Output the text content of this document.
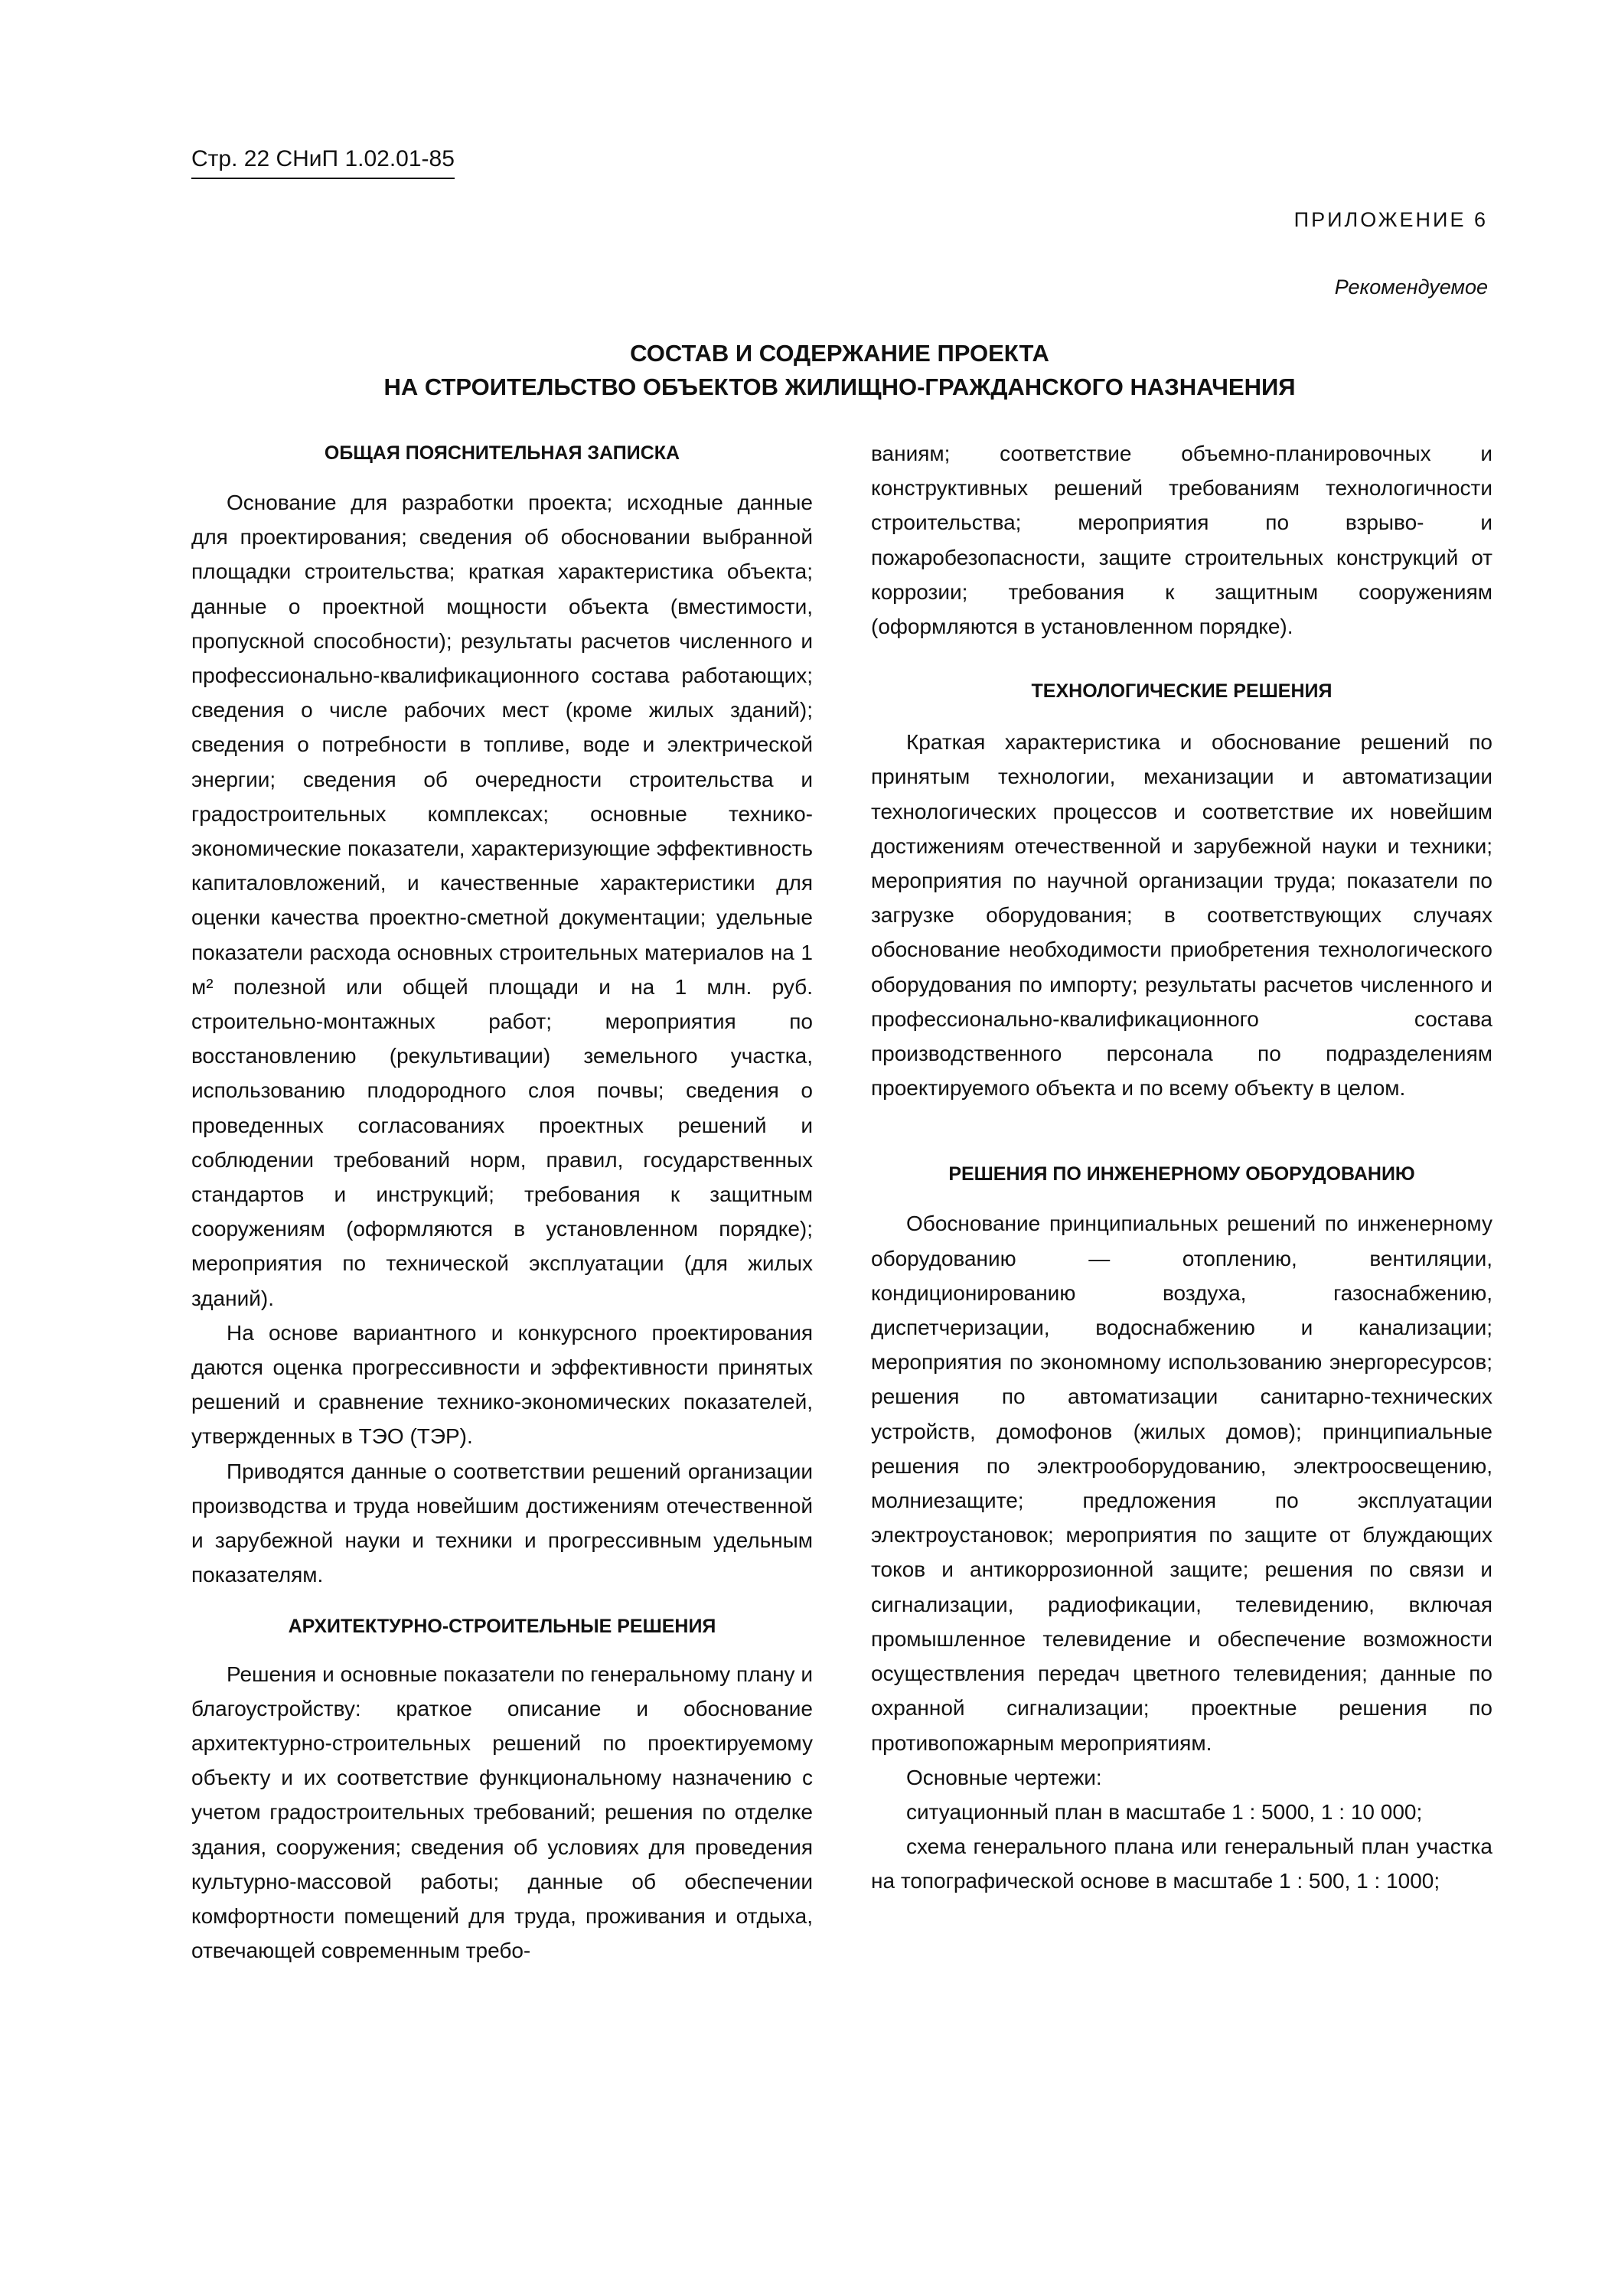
Стр. 22 СНиП 1.02.01-85
ПРИЛОЖЕНИЕ 6
Рекомендуемое
СОСТАВ И СОДЕРЖАНИЕ ПРОЕКТА
НА СТРОИТЕЛЬСТВО ОБЪЕКТОВ ЖИЛИЩНО-ГРАЖДАНСКОГО НАЗНАЧЕНИЯ
ОБЩАЯ ПОЯСНИТЕЛЬНАЯ ЗАПИСКА

Основание для разработки проекта; исходные данные для проектирования; сведения об обосновании выбранной площадки строительства; краткая характеристика объекта; данные о проектной мощности объекта (вместимости, пропускной способности); результаты расчетов численного и профессионально-квалификационного состава работающих; сведения о числе рабочих мест (кроме жилых зданий); сведения о потребности в топливе, воде и электрической энергии; сведения об очередности строительства и градостроительных комплексах; основные технико-экономические показатели, характеризующие эффективность капиталовложений, и качественные характеристики для оценки качества проектно-сметной документации; удельные показатели расхода основных строительных материалов на 1 м² полезной или общей площади и на 1 млн. руб. строительно-монтажных работ; мероприятия по восстановлению (рекультивации) земельного участка, использованию плодородного слоя почвы; сведения о проведенных согласованиях проектных решений и соблюдении требований норм, правил, государственных стандартов и инструкций; требования к защитным сооружениям (оформляются в установленном порядке); мероприятия по технической эксплуатации (для жилых зданий).

На основе вариантного и конкурсного проектирования даются оценка прогрессивности и эффективности принятых решений и сравнение технико-экономических показателей, утвержденных в ТЭО (ТЭР).

Приводятся данные о соответствии решений организации производства и труда новейшим достижениям отечественной и зарубежной науки и техники и прогрессивным удельным показателям.

АРХИТЕКТУРНО-СТРОИТЕЛЬНЫЕ РЕШЕНИЯ

Решения и основные показатели по генеральному плану и благоустройству: краткое описание и обоснование архитектурно-строительных решений по проектируемому объекту и их соответствие функциональному назначению с учетом градостроительных требований; решения по отделке здания, сооружения; сведения об условиях для проведения культурно-массовой работы; данные об обеспечении комфортности помещений для труда, проживания и отдыха, отвечающей современным требо-

ваниям; соответствие объемно-планировочных и конструктивных решений требованиям технологичности строительства; мероприятия по взрыво- и пожаробезопасности, защите строительных конструкций от коррозии; требования к защитным сооружениям (оформляются в установленном порядке).

ТЕХНОЛОГИЧЕСКИЕ РЕШЕНИЯ

Краткая характеристика и обоснование решений по принятым технологии, механизации и автоматизации технологических процессов и соответствие их новейшим достижениям отечественной и зарубежной науки и техники; мероприятия по научной организации труда; показатели по загрузке оборудования; в соответствующих случаях обоснование необходимости приобретения технологического оборудования по импорту; результаты расчетов численного и профессионально-квалификационного состава производственного персонала по подразделениям проектируемого объекта и по всему объекту в целом.

РЕШЕНИЯ ПО ИНЖЕНЕРНОМУ ОБОРУДОВАНИЮ

Обоснование принципиальных решений по инженерному оборудованию — отоплению, вентиляции, кондиционированию воздуха, газоснабжению, диспетчеризации, водоснабжению и канализации; мероприятия по экономному использованию энергоресурсов; решения по автоматизации санитарно-технических устройств, домофонов (жилых домов); принципиальные решения по электрооборудованию, электроосвещению, молниезащите; предложения по эксплуатации электроустановок; мероприятия по защите от блуждающих токов и антикоррозионной защите; решения по связи и сигнализации, радиофикации, телевидению, включая промышленное телевидение и обеспечение возможности осуществления передач цветного телевидения; данные по охранной сигнализации; проектные решения по противопожарным мероприятиям.

Основные чертежи:

ситуационный план в масштабе 1 : 5000, 1 : 10 000;

схема генерального плана или генеральный план участка на топографической основе в масштабе 1 : 500, 1 : 1000;
